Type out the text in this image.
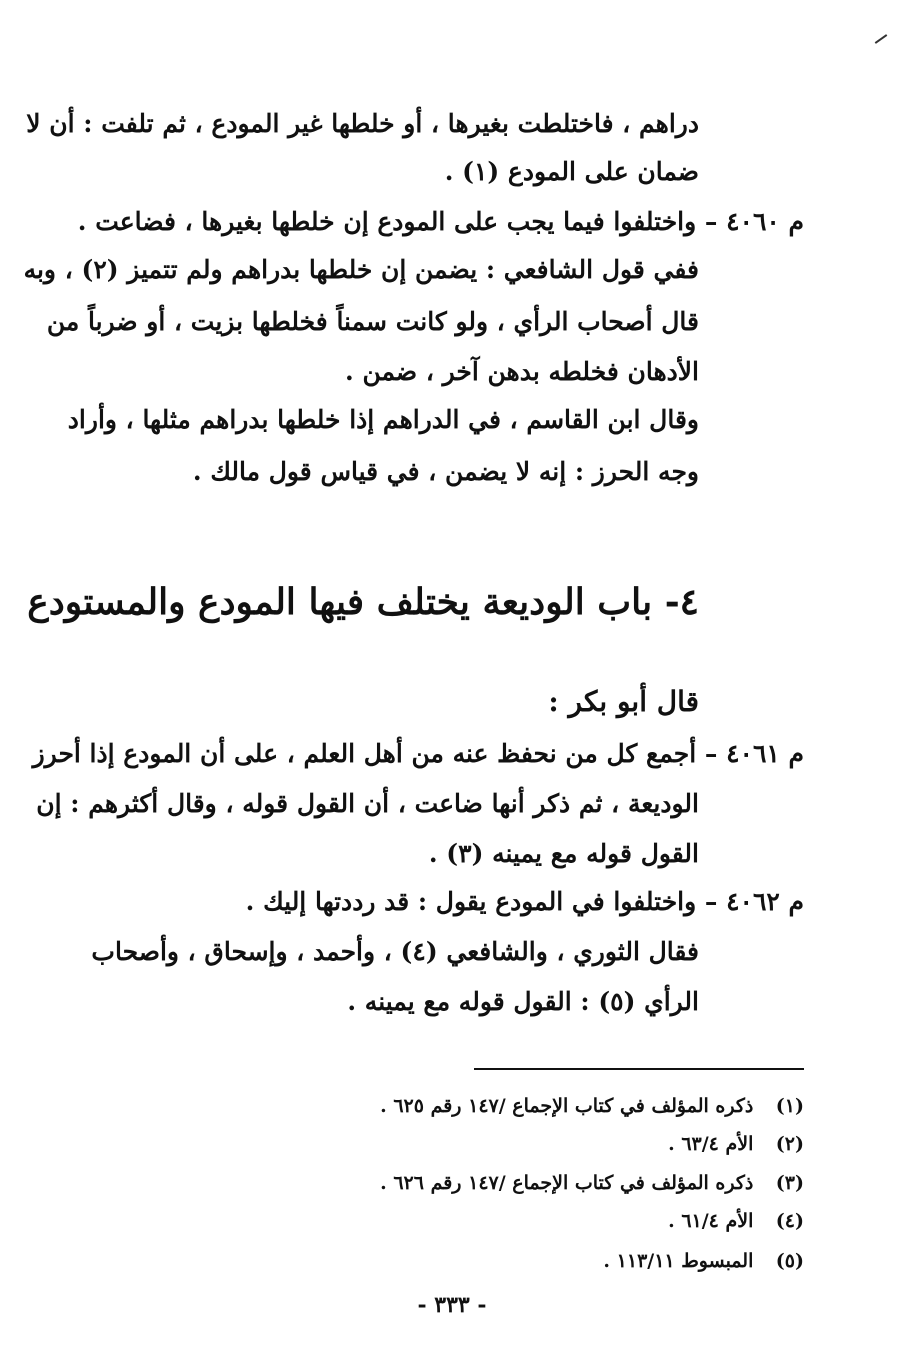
دراهم ، فاختلطت بغيرها ، أو خلطها غير المودع ، ثم تلفت : أن لا
ضمان على المودع (١) .
م ٤٠٦٠ – واختلفوا فيما يجب على المودع إن خلطها بغيرها ، فضاعت .
ففي قول الشافعي : يضمن إن خلطها بدراهم ولم تتميز (٢) ، وبه
قال أصحاب الرأي ، ولو كانت سمناً فخلطها بزيت ، أو ضرباً من
الأدهان فخلطه بدهن آخر ، ضمن .
وقال ابن القاسم ، في الدراهم إذا خلطها بدراهم مثلها ، وأراد
وجه الحرز : إنه لا يضمن ، في قياس قول مالك .
٤- باب الوديعة يختلف فيها المودع والمستودع
قال أبو بكر :
م ٤٠٦١ – أجمع كل من نحفظ عنه من أهل العلم ، على أن المودع إذا أحرز
الوديعة ، ثم ذكر أنها ضاعت ، أن القول قوله ، وقال أكثرهم : إن
القول قوله مع يمينه (٣) .
م ٤٠٦٢ – واختلفوا في المودع يقول : قد رددتها إليك .
فقال الثوري ، والشافعي (٤) ، وأحمد ، وإسحاق ، وأصحاب
الرأي (٥) : القول قوله مع يمينه .
(١) ذكره المؤلف في كتاب الإجماع /١٤٧ رقم ٦٢٥ .
(٢) الأم ٦٣/٤ .
(٣) ذكره المؤلف في كتاب الإجماع /١٤٧ رقم ٦٢٦ .
(٤) الأم ٦١/٤ .
(٥) المبسوط ١١٣/١١ .
- ٣٣٣ -
